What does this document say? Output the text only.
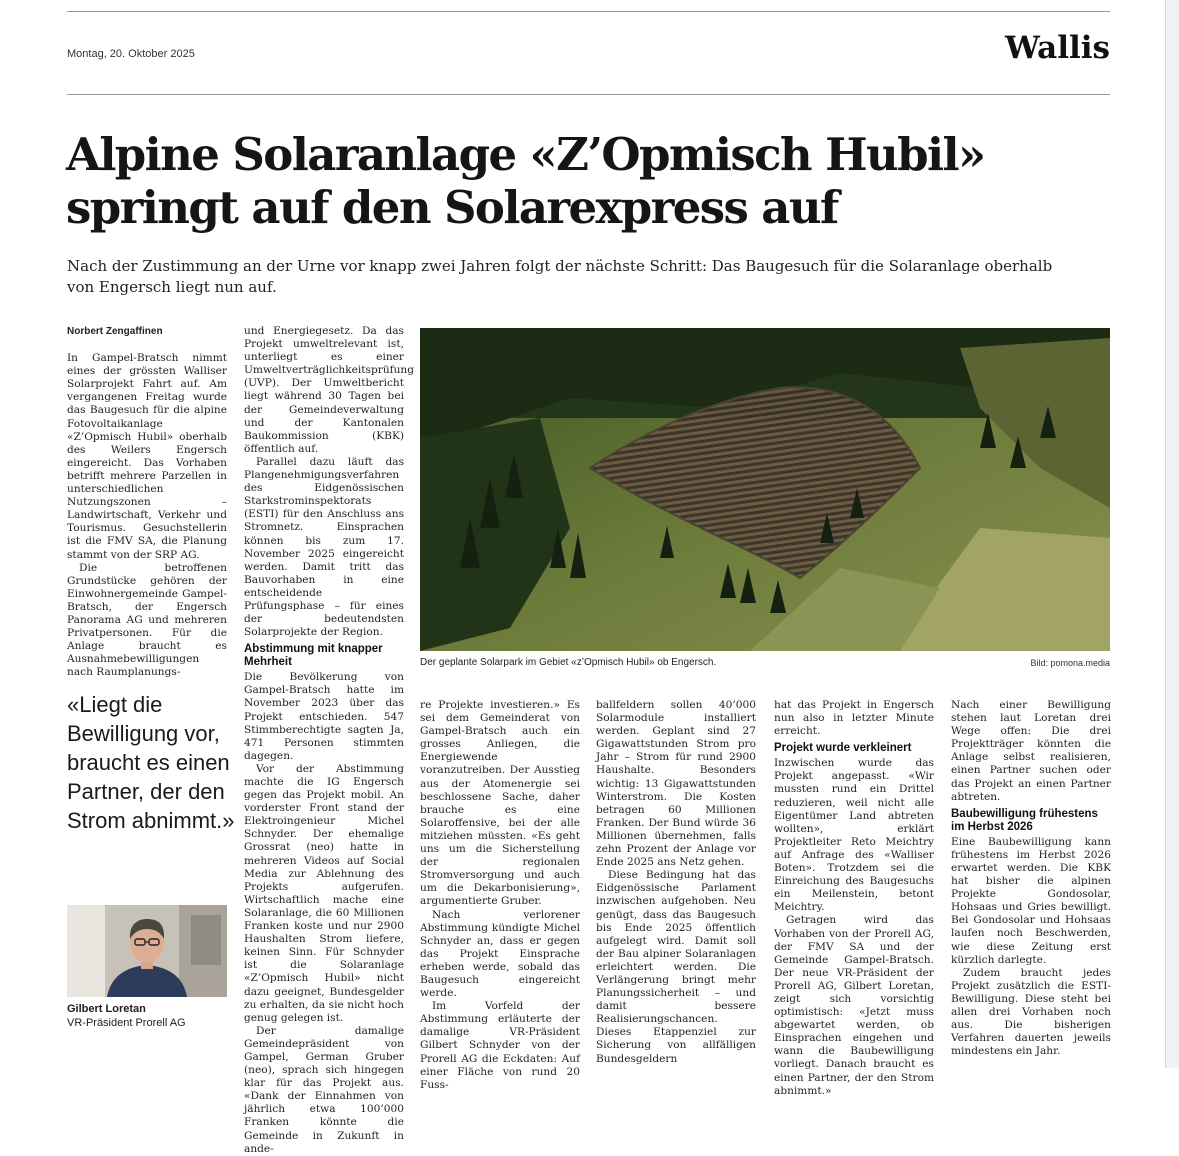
Montag, 20. Oktober 2025	Wallis
Alpine Solaranlage «Z’Opmisch Hubil»
springt auf den Solarexpress auf

Nach der Zustimmung an der Urne vor knapp zwei Jahren folgt der nächste Schritt: Das Baugesuch für die Solaranlage oberhalb von Engersch liegt nun auf.

Norbert Zengaffinen

In Gampel-Bratsch nimmt eines der grössten Walliser Solarprojekt Fahrt auf. Am vergangenen Freitag wurde das Baugesuch für die alpine Fotovoltaikanlage «Z’Opmisch Hubil» oberhalb des Weilers Engersch eingereicht. Das Vorhaben betrifft mehrere Parzellen in unterschiedlichen Nutzungszonen – Landwirtschaft, Verkehr und Tourismus. Gesuchstellerin ist die FMV SA, die Planung stammt von der SRP AG.

Die betroffenen Grundstücke gehören der Einwohnergemeinde Gampel-Bratsch, der Engersch Panorama AG und mehreren Privatpersonen. Für die Anlage braucht es Ausnahmebewilligungen nach Raumplanungs-

«Liegt die Bewilligung vor, braucht es einen Partner, der den Strom abnimmt.»
Gilbert Loretan
VR-Präsident Prorell AG

und Energiegesetz. Da das Projekt umweltrelevant ist, unterliegt es einer Umweltverträglichkeitsprüfung (UVP). Der Umweltbericht liegt während 30 Tagen bei der Gemeindeverwaltung und der Kantonalen Baukommission (KBK) öffentlich auf.

Parallel dazu läuft das Plangenehmigungsverfahren des Eidgenössischen Starkstrominspektorats (ESTI) für den Anschluss ans Stromnetz. Einsprachen können bis zum 17. November 2025 eingereicht werden. Damit tritt das Bauvorhaben in eine entscheidende Prüfungsphase – für eines der bedeutendsten Solarprojekte der Region.

Abstimmung mit knapper Mehrheit

Die Bevölkerung von Gampel-Bratsch hatte im November 2023 über das Projekt entschieden. 547 Stimmberechtigte sagten Ja, 471 Personen stimmten dagegen.

Vor der Abstimmung machte die IG Engersch gegen das Projekt mobil. An vorderster Front stand der Elektroingenieur Michel Schnyder. Der ehemalige Grossrat (neo) hatte in mehreren Videos auf Social Media zur Ablehnung des Projekts aufgerufen. Wirtschaftlich mache eine Solaranlage, die 60 Millionen Franken koste und nur 2900 Haushalten Strom liefere, keinen Sinn. Für Schnyder ist die Solaranlage «Z’Opmisch Hubil» nicht dazu geeignet, Bundesgelder zu erhalten, da sie nicht hoch genug gelegen ist.

Der damalige Gemeindepräsident von Gampel, German Gruber (neo), sprach sich hingegen klar für das Projekt aus. «Dank der Einnahmen von jährlich etwa 100’000 Franken könnte die Gemeinde in Zukunft in ande-

Der geplante Solarpark im Gebiet «z’Opmisch Hubil» ob Engersch.	Bild: pomona.media

re Projekte investieren.» Es sei dem Gemeinderat von Gampel-Bratsch auch ein grosses Anliegen, die Energiewende voranzutreiben. Der Ausstieg aus der Atomenergie sei beschlossene Sache, daher brauche es eine Solaroffensive, bei der alle mitziehen müssten. «Es geht uns um die Sicherstellung der regionalen Stromversorgung und auch um die Dekarbonisierung», argumentierte Gruber.

Nach verlorener Abstimmung kündigte Michel Schnyder an, dass er gegen das Projekt Einsprache erheben werde, sobald das Baugesuch eingereicht werde.

Im Vorfeld der Abstimmung erläuterte der damalige VR-Präsident Gilbert Schnyder von der Prorell AG die Eckdaten: Auf einer Fläche von rund 20 Fuss-

ballfeldern sollen 40’000 Solarmodule installiert werden. Geplant sind 27 Gigawattstunden Strom pro Jahr – Strom für rund 2900 Haushalte. Besonders wichtig: 13 Gigawattstunden Winterstrom. Die Kosten betragen 60 Millionen Franken. Der Bund würde 36 Millionen übernehmen, falls zehn Prozent der Anlage vor Ende 2025 ans Netz gehen.

Diese Bedingung hat das Eidgenössische Parlament inzwischen aufgehoben. Neu genügt, dass das Baugesuch bis Ende 2025 öffentlich aufgelegt wird. Damit soll der Bau alpiner Solaranlagen erleichtert werden. Die Verlängerung bringt mehr Planungssicherheit – und damit bessere Realisierungschancen. Dieses Etappenziel zur Sicherung von allfälligen Bundesgeldern

hat das Projekt in Engersch nun also in letzter Minute erreicht.

Projekt wurde verkleinert

Inzwischen wurde das Projekt angepasst. «Wir mussten rund ein Drittel reduzieren, weil nicht alle Eigentümer Land abtreten wollten», erklärt Projektleiter Reto Meichtry auf Anfrage des «Walliser Boten». Trotzdem sei die Einreichung des Baugesuchs ein Meilenstein, betont Meichtry.

Getragen wird das Vorhaben von der Prorell AG, der FMV SA und der Gemeinde Gampel-Bratsch. Der neue VR-Präsident der Prorell AG, Gilbert Loretan, zeigt sich vorsichtig optimistisch: «Jetzt muss abgewartet werden, ob Einsprachen eingehen und wann die Baubewilligung vorliegt. Danach braucht es einen Partner, der den Strom abnimmt.»

Nach einer Bewilligung stehen laut Loretan drei Wege offen: Die drei Projektträger könnten die Anlage selbst realisieren, einen Partner suchen oder das Projekt an einen Partner abtreten.

Baubewilligung frühestens im Herbst 2026

Eine Baubewilligung kann frühestens im Herbst 2026 erwartet werden. Die KBK hat bisher die alpinen Projekte Gondosolar, Hohsaas und Gries bewilligt. Bei Gondosolar und Hohsaas laufen noch Beschwerden, wie diese Zeitung erst kürzlich darlegte.

Zudem braucht jedes Projekt zusätzlich die ESTI-Bewilligung. Diese steht bei allen drei Vorhaben noch aus. Die bisherigen Verfahren dauerten jeweils mindestens ein Jahr.
